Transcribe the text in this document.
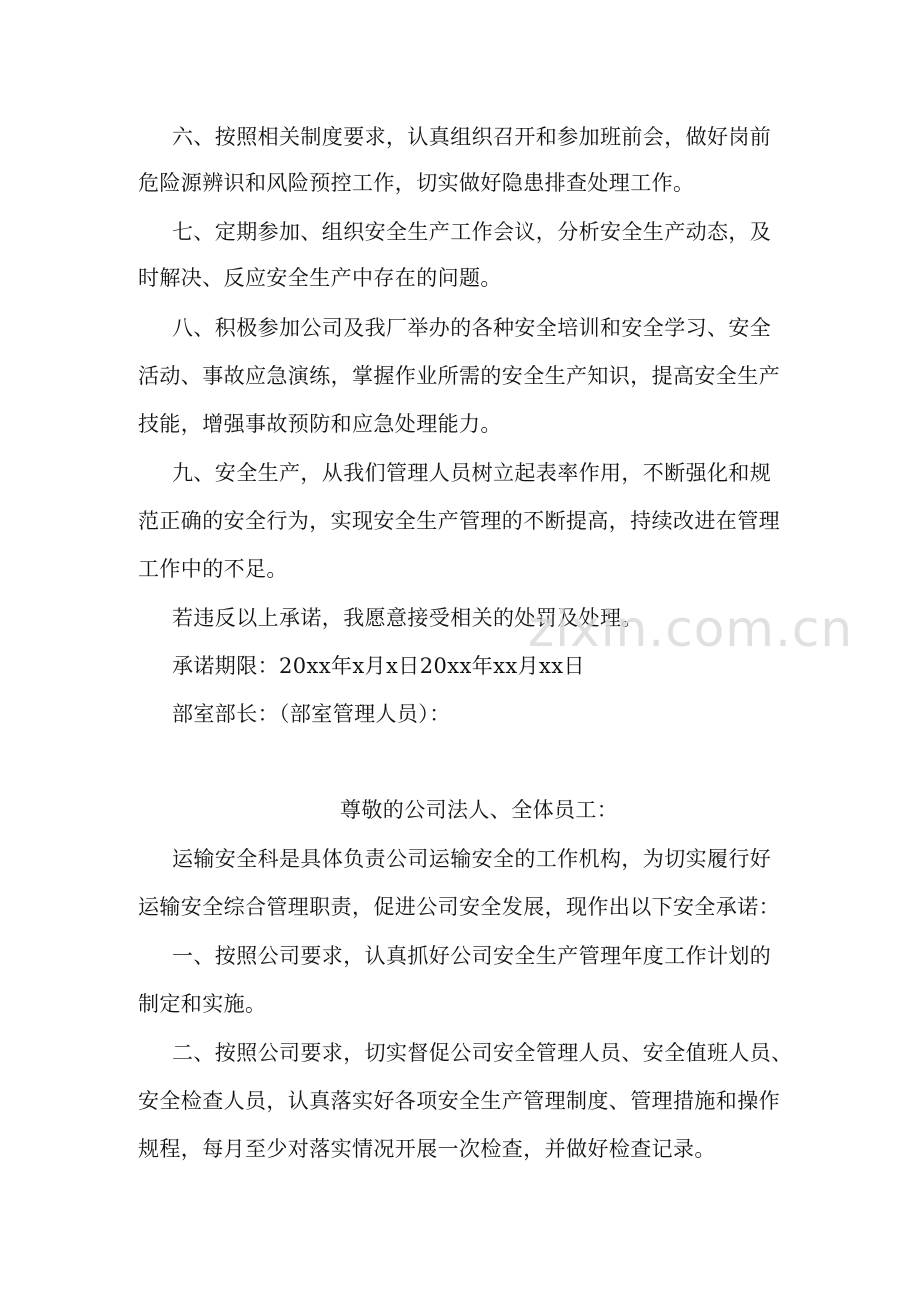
六、按照相关制度要求，认真组织召开和参加班前会，做好岗前
危险源辨识和风险预控工作，切实做好隐患排查处理工作。
七、定期参加、组织安全生产工作会议，分析安全生产动态，及
时解决、反应安全生产中存在的问题。
八、积极参加公司及我厂举办的各种安全培训和安全学习、安全
活动、事故应急演练，掌握作业所需的安全生产知识，提高安全生产
技能，增强事故预防和应急处理能力。
九、安全生产，从我们管理人员树立起表率作用，不断强化和规
范正确的安全行为，实现安全生产管理的不断提高，持续改进在管理
工作中的不足。
若违反以上承诺，我愿意接受相关的处罚及处理。
承诺期限：20xx年x月x日20xx年xx月xx日
部室部长：（部室管理人员）：
尊敬的公司法人、全体员工：
运输安全科是具体负责公司运输安全的工作机构，为切实履行好
运输安全综合管理职责，促进公司安全发展，现作出以下安全承诺：
一、按照公司要求，认真抓好公司安全生产管理年度工作计划的
制定和实施。
二、按照公司要求，切实督促公司安全管理人员、安全值班人员、
安全检查人员，认真落实好各项安全生产管理制度、管理措施和操作
规程，每月至少对落实情况开展一次检查，并做好检查记录。
zixin.com.cn
